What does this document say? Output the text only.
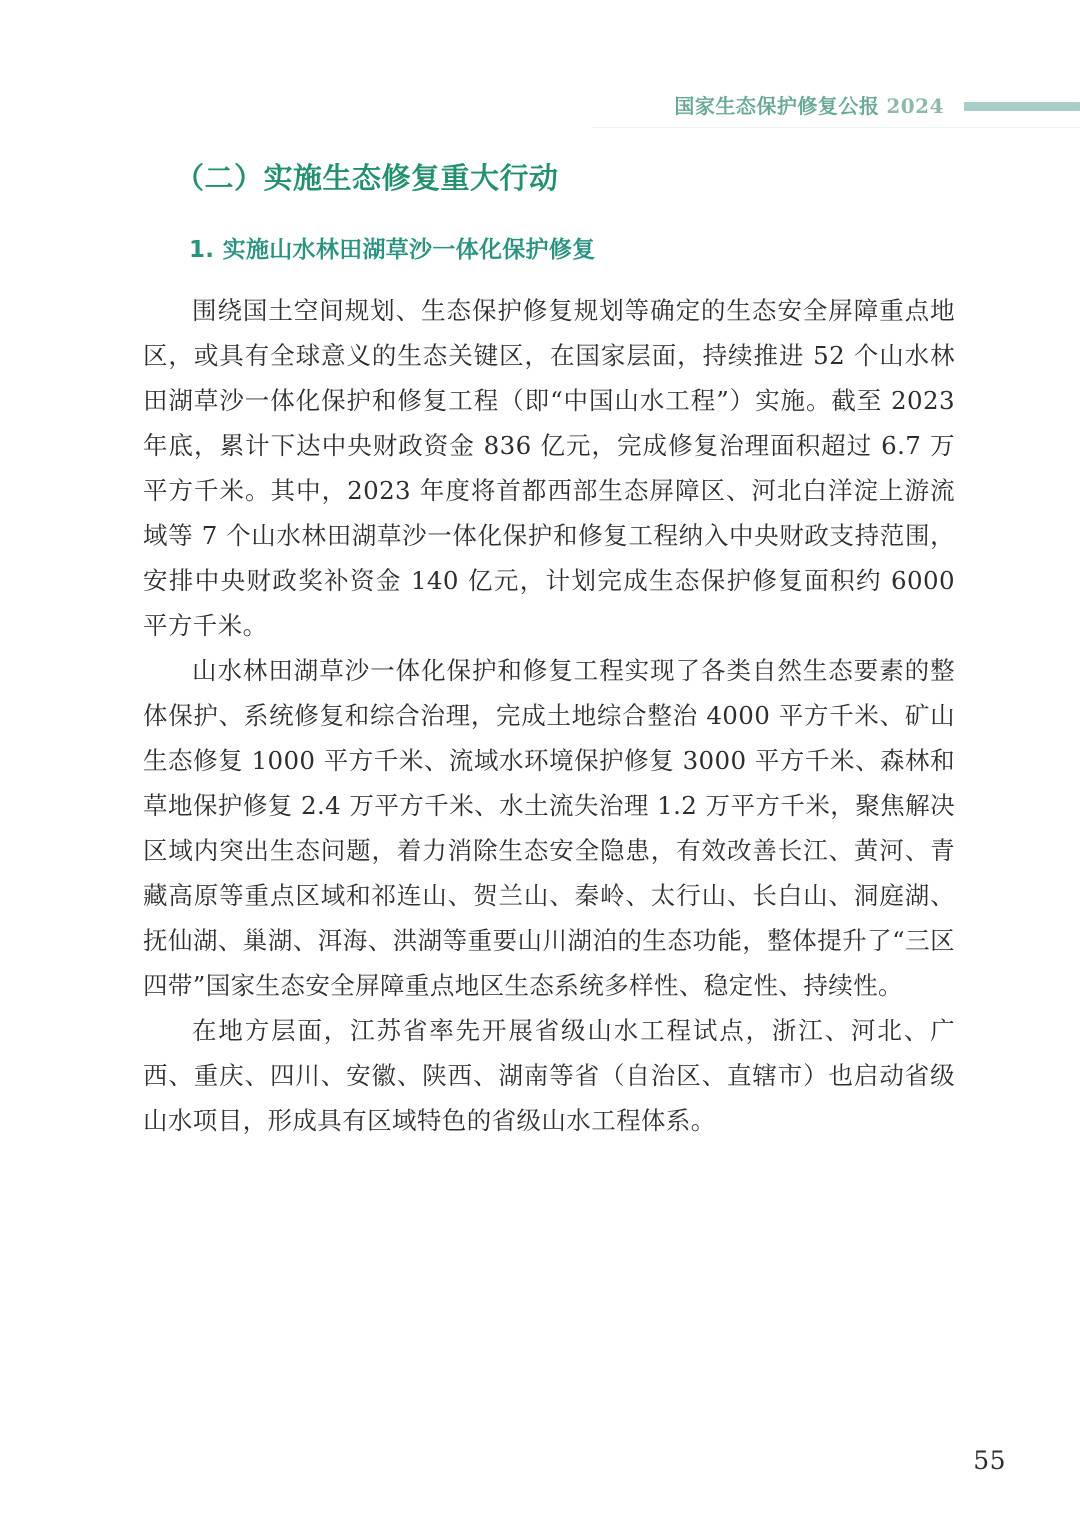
国家生态保护修复公报 2024
（二）实施生态修复重大行动
1. 实施山水林田湖草沙一体化保护修复

围绕国土空间规划、生态保护修复规划等确定的生态安全屏障重点地区，或具有全球意义的生态关键区，在国家层面，持续推进 52 个山水林田湖草沙一体化保护和修复工程（即“中国山水工程”）实施。截至 2023 年底，累计下达中央财政资金 836 亿元，完成修复治理面积超过 6.7 万平方千米。其中，2023 年度将首都西部生态屏障区、河北白洋淀上游流域等 7 个山水林田湖草沙一体化保护和修复工程纳入中央财政支持范围，安排中央财政奖补资金 140 亿元，计划完成生态保护修复面积约 6000 平方千米。

山水林田湖草沙一体化保护和修复工程实现了各类自然生态要素的整体保护、系统修复和综合治理，完成土地综合整治 4000 平方千米、矿山生态修复 1000 平方千米、流域水环境保护修复 3000 平方千米、森林和草地保护修复 2.4 万平方千米、水土流失治理 1.2 万平方千米，聚焦解决区域内突出生态问题，着力消除生态安全隐患，有效改善长江、黄河、青藏高原等重点区域和祁连山、贺兰山、秦岭、太行山、长白山、洞庭湖、抚仙湖、巢湖、洱海、洪湖等重要山川湖泊的生态功能，整体提升了“三区四带”国家生态安全屏障重点地区生态系统多样性、稳定性、持续性。

在地方层面，江苏省率先开展省级山水工程试点，浙江、河北、广西、重庆、四川、安徽、陕西、湖南等省（自治区、直辖市）也启动省级山水项目，形成具有区域特色的省级山水工程体系。

55
